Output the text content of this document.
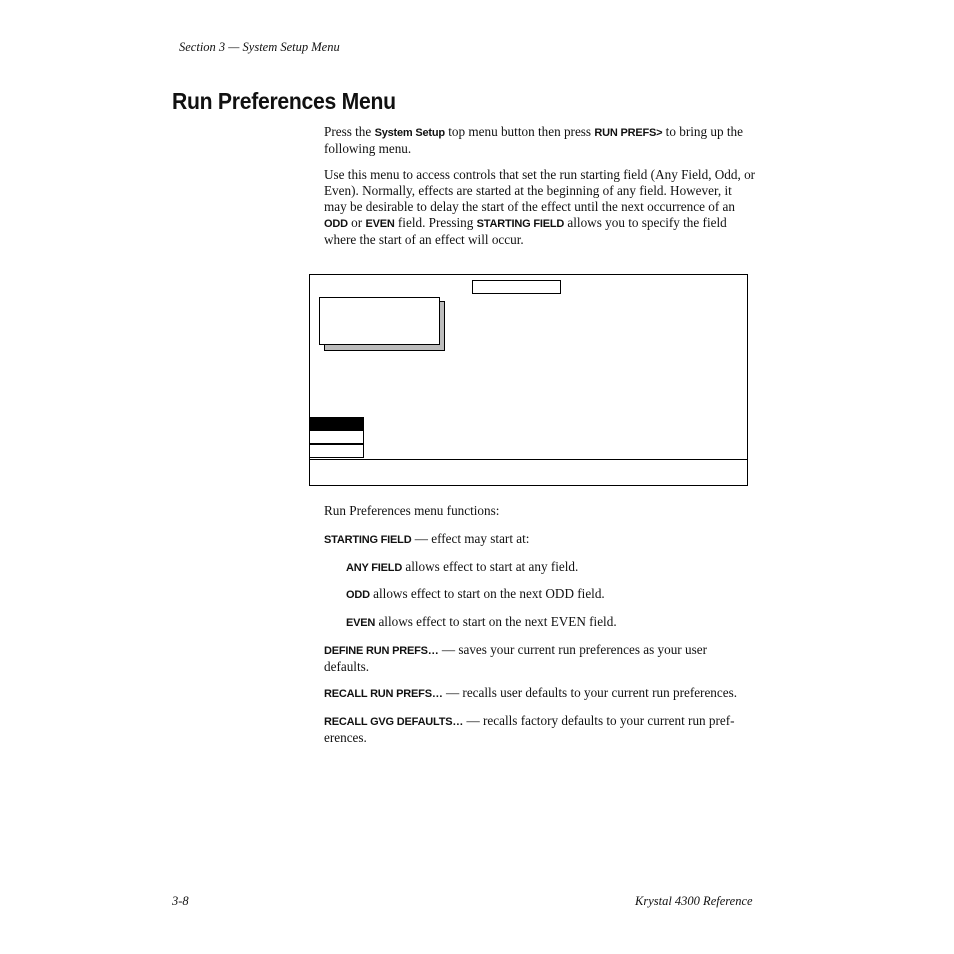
Section 3 — System Setup Menu
Run Preferences Menu
Press the System Setup top menu button then press RUN PREFS> to bring up the following menu.
Use this menu to access controls that set the run starting field (Any Field, Odd, or Even). Normally, effects are started at the beginning of any field. However, it may be desirable to delay the start of the effect until the next occurrence of an ODD or EVEN field. Pressing STARTING FIELD allows you to specify the field where the start of an effect will occur.
Run Preferences menu functions:
STARTING FIELD — effect may start at:
ANY FIELD allows effect to start at any field.
ODD allows effect to start on the next ODD field.
EVEN allows effect to start on the next EVEN field.
DEFINE RUN PREFS… — saves your current run preferences as your user defaults.
RECALL RUN PREFS… — recalls user defaults to your current run preferences.
RECALL GVG DEFAULTS… — recalls factory defaults to your current run pref-erences.
3-8	Krystal 4300 Reference
